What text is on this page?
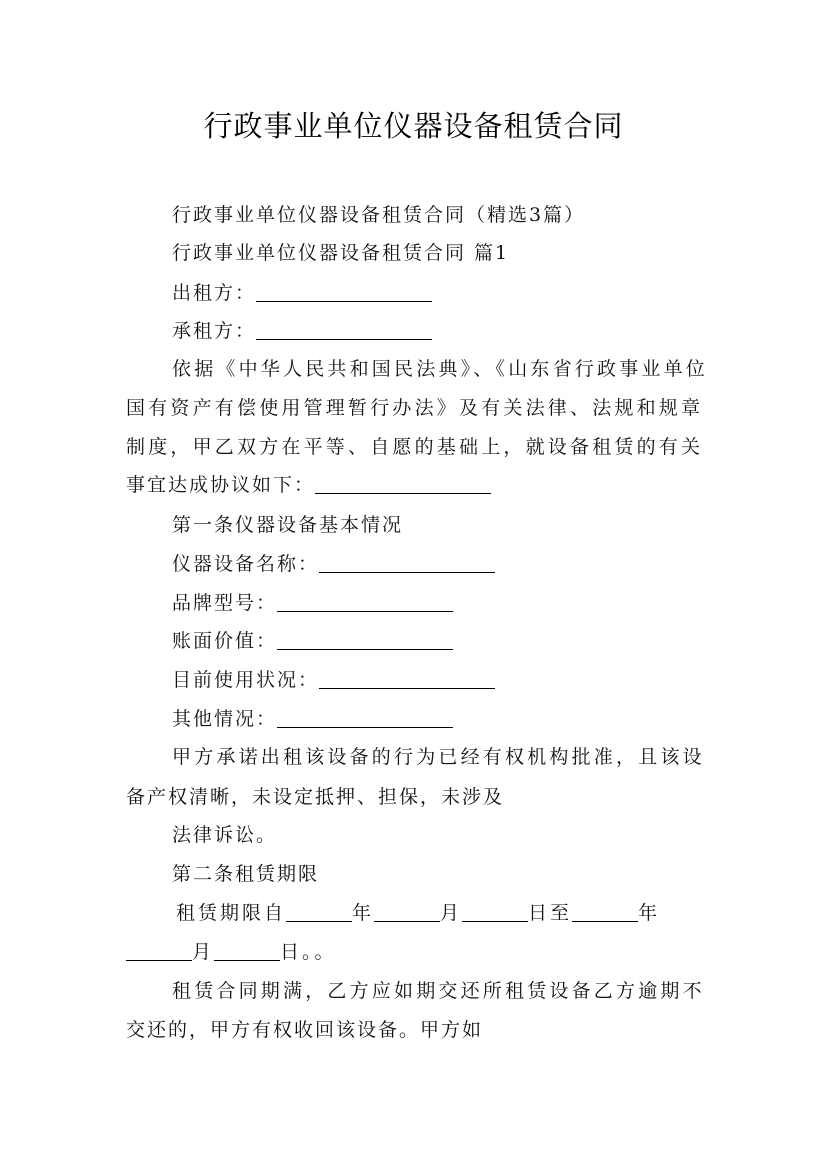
行政事业单位仪器设备租赁合同
行政事业单位仪器设备租赁合同（精选3篇）
行政事业单位仪器设备租赁合同 篇1
出租方：
承租方：
依据《中华人民共和国民法典》、《山东省行政事业单位
国有资产有偿使用管理暂行办法》及有关法律、法规和规章
制度，甲乙双方在平等、自愿的基础上，就设备租赁的有关
事宜达成协议如下：
第一条仪器设备基本情况
仪器设备名称：
品牌型号：
账面价值：
目前使用状况：
其他情况：
甲方承诺出租该设备的行为已经有权机构批准，且该设
备产权清晰，未设定抵押、担保，未涉及
法律诉讼。
第二条租赁期限
租赁期限自	年	月	日至	年
月	日。。
租赁合同期满，乙方应如期交还所租赁设备乙方逾期不
交还的，甲方有权收回该设备。甲方如
